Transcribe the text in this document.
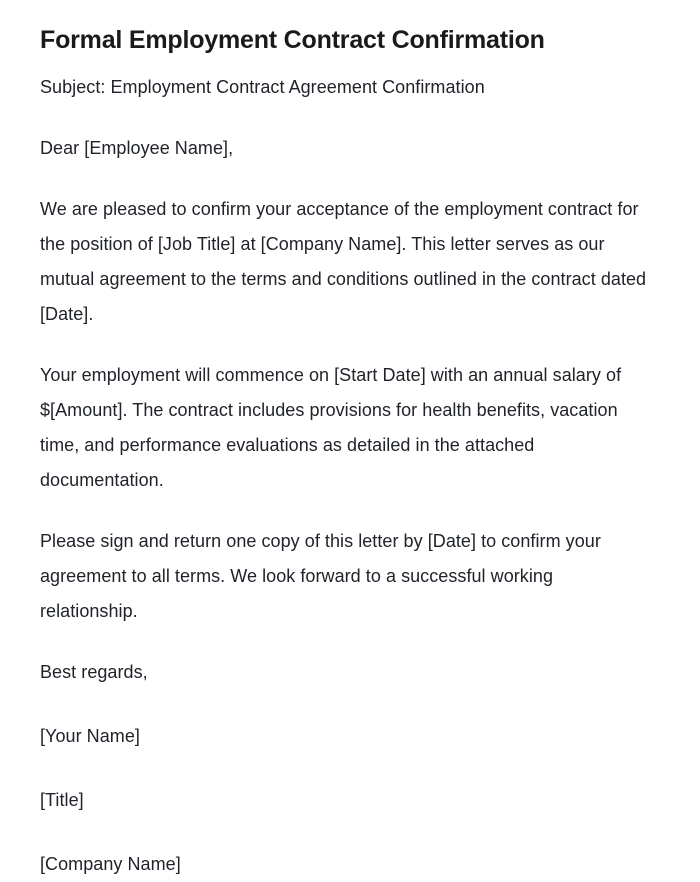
Formal Employment Contract Confirmation

Subject: Employment Contract Agreement Confirmation

Dear [Employee Name],

We are pleased to confirm your acceptance of the employment contract for the position of [Job Title] at [Company Name]. This letter serves as our mutual agreement to the terms and conditions outlined in the contract dated [Date].

Your employment will commence on [Start Date] with an annual salary of $[Amount]. The contract includes provisions for health benefits, vacation time, and performance evaluations as detailed in the attached documentation.

Please sign and return one copy of this letter by [Date] to confirm your agreement to all terms. We look forward to a successful working relationship.

Best regards,

[Your Name]

[Title]

[Company Name]
